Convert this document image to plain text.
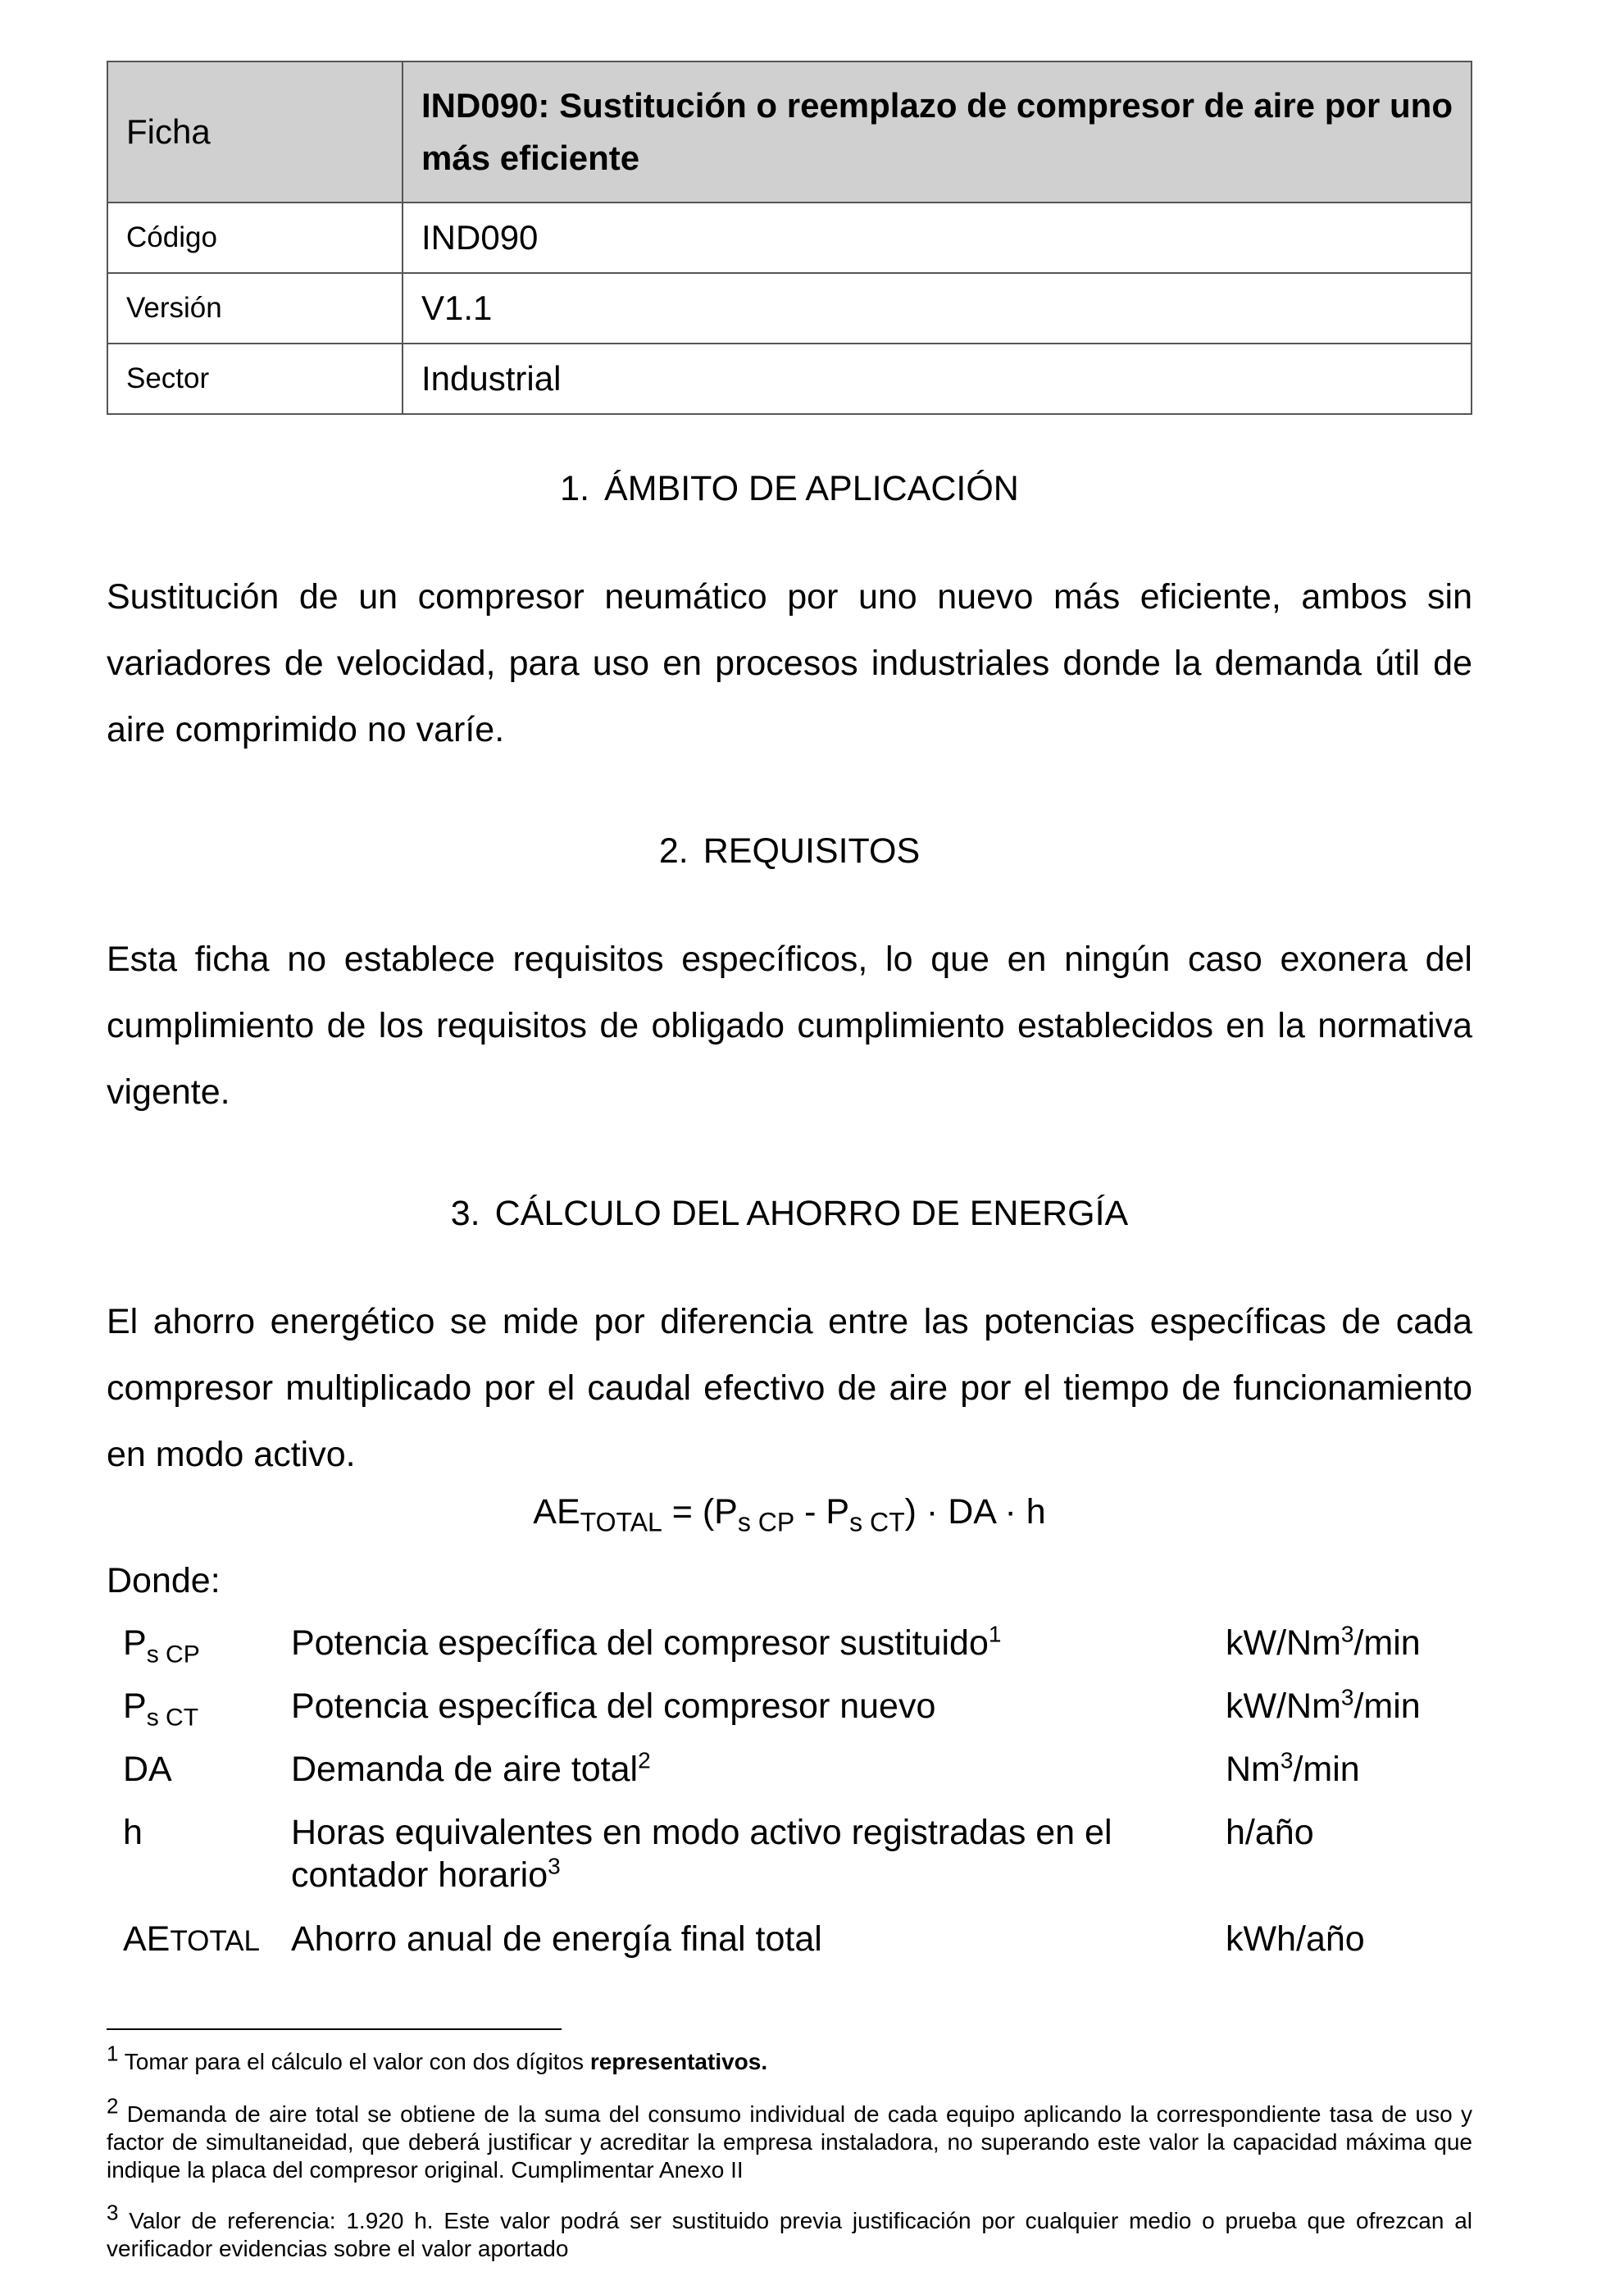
Ficha	IND090: Sustitución o reemplazo de compresor de aire por uno más eficiente
Código	IND090
Versión	V1.1
Sector	Industrial
1. ÁMBITO DE APLICACIÓN

Sustitución de un compresor neumático por uno nuevo más eficiente, ambos sin variadores de velocidad, para uso en procesos industriales donde la demanda útil de aire comprimido no varíe.

2. REQUISITOS

Esta ficha no establece requisitos específicos, lo que en ningún caso exonera del cumplimiento de los requisitos de obligado cumplimiento establecidos en la normativa vigente.

3. CÁLCULO DEL AHORRO DE ENERGÍA

El ahorro energético se mide por diferencia entre las potencias específicas de cada compresor multiplicado por el caudal efectivo de aire por el tiempo de funcionamiento en modo activo.

$AE_{TOTAL} = (P_{s CP} - P_{s CT})$ · DA · h
Donde:
$P_{s CP}$	Potencia específica del compresor sustituido$^1$	kW/Nm$^3$/min
$P_{s CT}$	Potencia específica del compresor nuevo	kW/Nm$^3$/min
DA	Demanda de aire total$^2$	Nm$^3$/min
h	Horas equivalentes en modo activo registradas en el contador horario$^3$	h/año
AETOTAL	Ahorro anual de energía final total	kWh/año
$^1$ Tomar para el cálculo el valor con dos dígitos representativos.
$^2$ Demanda de aire total se obtiene de la suma del consumo individual de cada equipo aplicando la correspondiente tasa de uso y factor de simultaneidad, que deberá justificar y acreditar la empresa instaladora, no superando este valor la capacidad máxima que indique la placa del compresor original. Cumplimentar Anexo II
$^3$ Valor de referencia: 1.920 h. Este valor podrá ser sustituido previa justificación por cualquier medio o prueba que ofrezcan al verificador evidencias sobre el valor aportado
